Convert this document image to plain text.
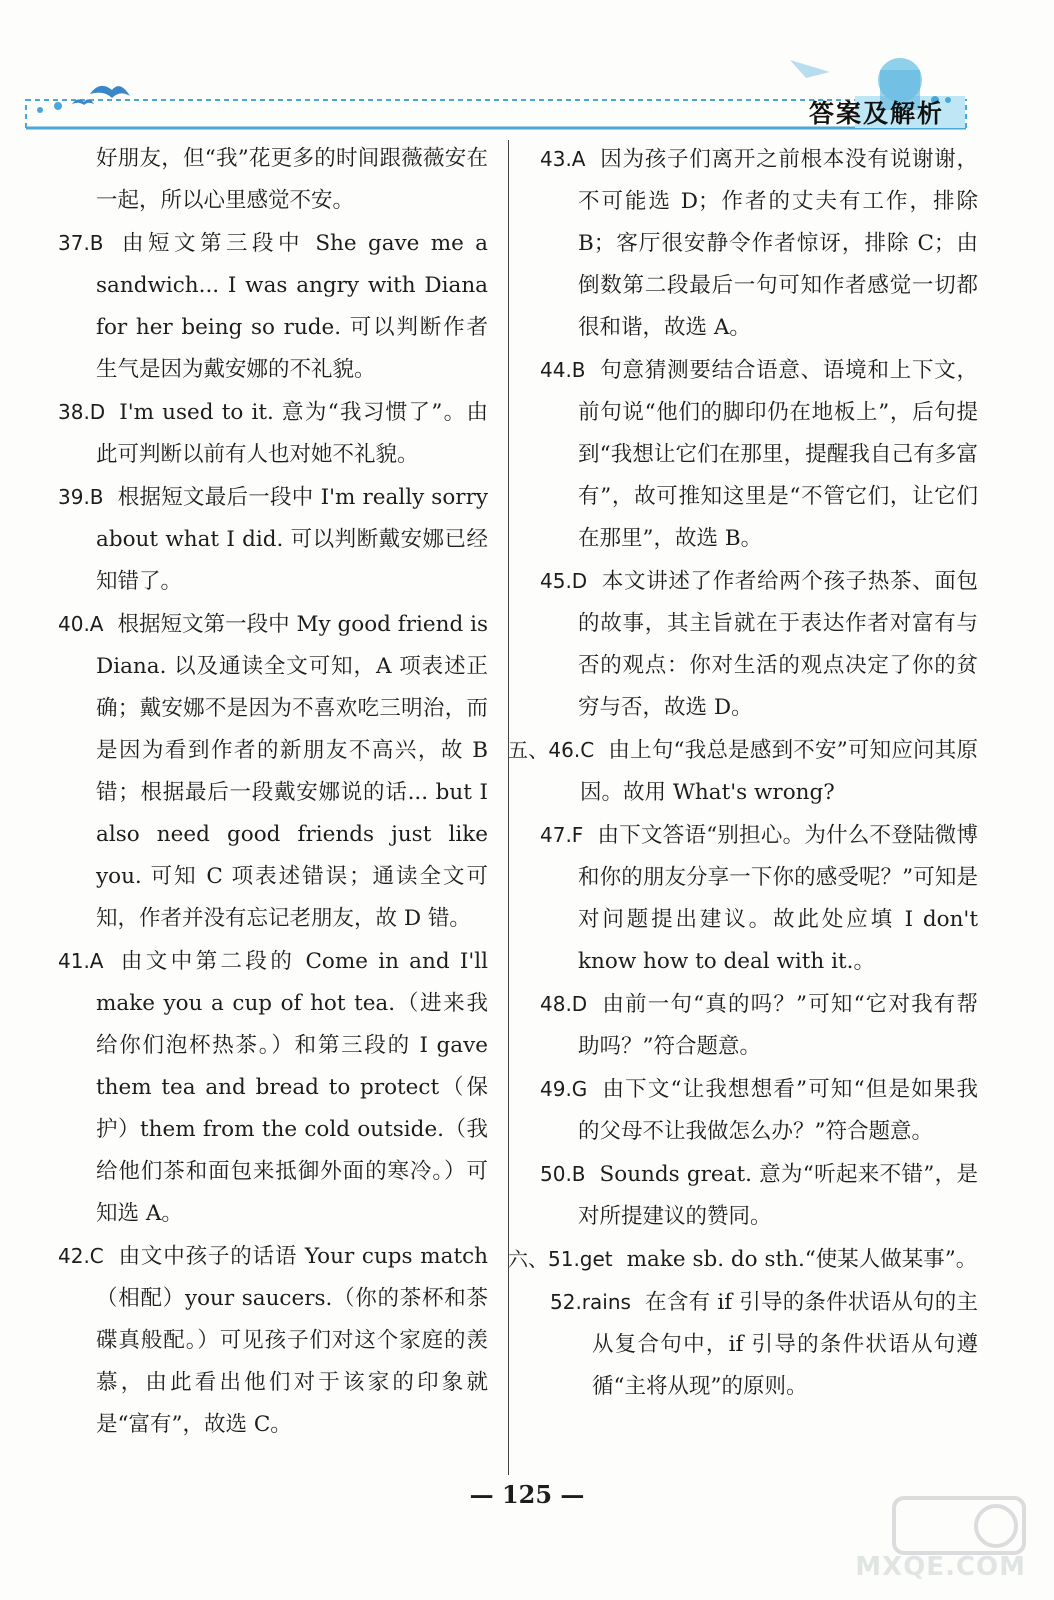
答案及解析

好朋友，但“我”花更多的时间跟薇薇安在一起，所以心里感觉不安。

37.B 由短文第三段中 She gave me a sandwich... I was angry with Diana for her being so rude. 可以判断作者生气是因为戴安娜的不礼貌。

38.D I'm used to it. 意为“我习惯了”。由此可判断以前有人也对她不礼貌。

39.B 根据短文最后一段中 I'm really sorry about what I did. 可以判断戴安娜已经知错了。

40.A 根据短文第一段中 My good friend is Diana. 以及通读全文可知，A 项表述正确；戴安娜不是因为不喜欢吃三明治，而是因为看到作者的新朋友不高兴，故 B 错；根据最后一段戴安娜说的话... but I also need good friends just like you. 可知 C 项表述错误；通读全文可知，作者并没有忘记老朋友，故 D 错。

41.A 由文中第二段的 Come in and I'll make you a cup of hot tea.（进来我给你们泡杯热茶。）和第三段的 I gave them tea and bread to protect（保护）them from the cold outside.（我给他们茶和面包来抵御外面的寒冷。）可知选 A。

42.C 由文中孩子的话语 Your cups match（相配）your saucers.（你的茶杯和茶碟真般配。）可见孩子们对这个家庭的羡慕，由此看出他们对于该家的印象就是“富有”，故选 C。

43.A 因为孩子们离开之前根本没有说谢谢，不可能选 D；作者的丈夫有工作，排除 B；客厅很安静令作者惊讶，排除 C；由倒数第二段最后一句可知作者感觉一切都很和谐，故选 A。

44.B 句意猜测要结合语意、语境和上下文，前句说“他们的脚印仍在地板上”，后句提到“我想让它们在那里，提醒我自己有多富有”，故可推知这里是“不管它们，让它们在那里”，故选 B。

45.D 本文讲述了作者给两个孩子热茶、面包的故事，其主旨就在于表达作者对富有与否的观点：你对生活的观点决定了你的贫穷与否，故选 D。

五、46.C 由上句“我总是感到不安”可知应问其原因。故用 What's wrong?

47.F 由下文答语“别担心。为什么不登陆微博和你的朋友分享一下你的感受呢？”可知是对问题提出建议。故此处应填 I don't know how to deal with it.。

48.D 由前一句“真的吗？”可知“它对我有帮助吗？”符合题意。

49.G 由下文“让我想想看”可知“但是如果我的父母不让我做怎么办？”符合题意。

50.B Sounds great. 意为“听起来不错”，是对所提建议的赞同。

六、51.get make sb. do sth.“使某人做某事”。

52.rains 在含有 if 引导的条件状语从句的主从复合句中，if 引导的条件状语从句遵循“主将从现”的原则。

— 125 —
MXQE.COM
